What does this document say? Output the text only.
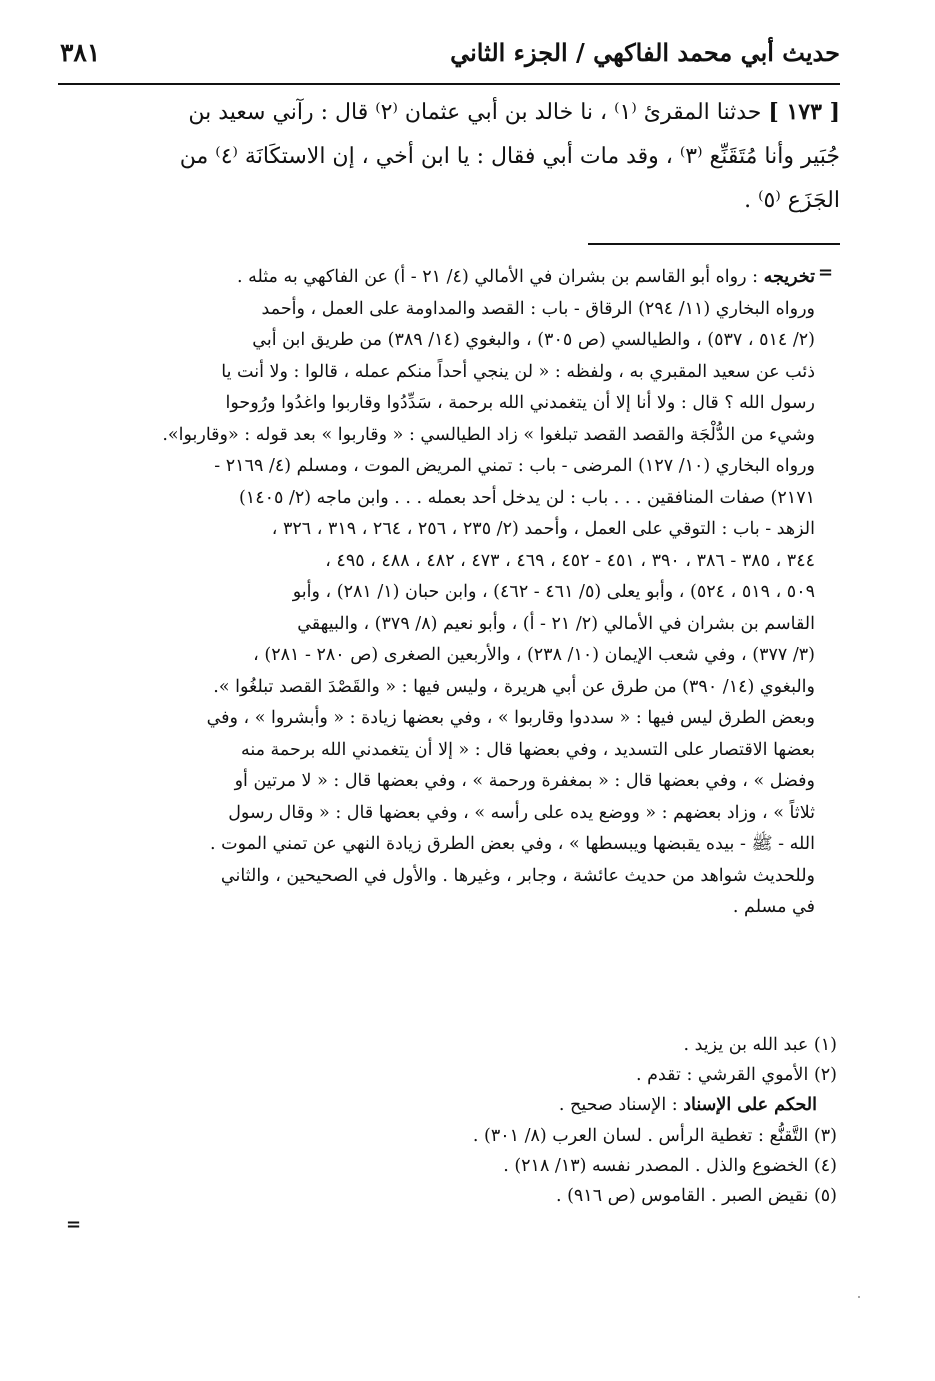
حديث أبي محمد الفاكهي / الجزء الثاني
٣٨١

[ ١٧٣ ] حدثنا المقرئ ⁽١⁾ ، نا خالد بن أبي عثمان ⁽٢⁾ قال : رآني سعيد بن

جُبَير وأنا مُتَقَنِّع ⁽٣⁾ ، وقد مات أبي فقال : يا ابن أخي ، إن الاستكَانَة ⁽٤⁾ من

الجَزَع ⁽٥⁾ .

=
تخريجه : رواه أبو القاسم بن بشران في الأمالي (٤/ ٢١ - أ) عن الفاكهي به مثله .
ورواه البخاري (١١/ ٢٩٤) الرقاق - باب : القصد والمداومة على العمل ، وأحمد
(٢/ ٥١٤ ، ٥٣٧) ، والطيالسي (ص ٣٠٥) ، والبغوي (١٤/ ٣٨٩) من طريق ابن أبي
ذئب عن سعيد المقبري به ، ولفظه : « لن ينجي أحداً منكم عمله ، قالوا : ولا أنت يا
رسول الله ؟ قال : ولا أنا إلا أن يتغمدني الله برحمة ، سَدِّدُوا وقاربوا واغدُوا ورُوحوا
وشيء من الدُّلْجَة والقصد القصد تبلغوا » زاد الطيالسي : « وقاربوا » بعد قوله : «وقاربوا».
ورواه البخاري (١٠/ ١٢٧) المرضى - باب : تمني المريض الموت ، ومسلم (٤/ ٢١٦٩ -
٢١٧١) صفات المنافقين . . . باب : لن يدخل أحد بعمله . . . وابن ماجه (٢/ ١٤٠٥)
الزهد - باب : التوقي على العمل ، وأحمد (٢/ ٢٣٥ ، ٢٥٦ ، ٢٦٤ ، ٣١٩ ، ٣٢٦ ،
٣٤٤ ، ٣٨٥ - ٣٨٦ ، ٣٩٠ ، ٤٥١ - ٤٥٢ ، ٤٦٩ ، ٤٧٣ ، ٤٨٢ ، ٤٨٨ ، ٤٩٥ ،
٥٠٩ ، ٥١٩ ، ٥٢٤) ، وأبو يعلى (٥/ ٤٦١ - ٤٦٢) ، وابن حبان (١/ ٢٨١) ، وأبو
القاسم بن بشران في الأمالي (٢/ ٢١ - أ) ، وأبو نعيم (٨/ ٣٧٩) ، والبيهقي
(٣/ ٣٧٧) ، وفي شعب الإيمان (١٠/ ٢٣٨) ، والأربعين الصغرى (ص ٢٨٠ - ٢٨١) ،
والبغوي (١٤/ ٣٩٠) من طرق عن أبي هريرة ، وليس فيها : « والقَصْدَ القصد تبلغُوا ».
وبعض الطرق ليس فيها : « سددوا وقاربوا » ، وفي بعضها زيادة : « وأبشروا » ، وفي
بعضها الاقتصار على التسديد ، وفي بعضها قال : « إلا أن يتغمدني الله برحمة منه
وفضل » ، وفي بعضها قال : « بمغفرة ورحمة » ، وفي بعضها قال : « لا مرتين أو
ثلاثاً » ، وزاد بعضهم : « ووضع يده على رأسه » ، وفي بعضها قال : « وقال رسول
الله - ﷺ - بيده يقبضها ويبسطها » ، وفي بعض الطرق زيادة النهي عن تمني الموت .
وللحديث شواهد من حديث عائشة ، وجابر ، وغيرها . والأول في الصحيحين ، والثاني
في مسلم .
(١) عبد الله بن يزيد .
(٢) الأموي القرشي : تقدم .
الحكم على الإسناد : الإسناد صحيح .
(٣) التَّقنُّع : تغطية الرأس . لسان العرب (٨/ ٣٠١) .
(٤) الخضوع والذل . المصدر نفسه (١٣/ ٢١٨) .
(٥) نقيض الصبر . القاموس (ص ٩١٦) .
=
